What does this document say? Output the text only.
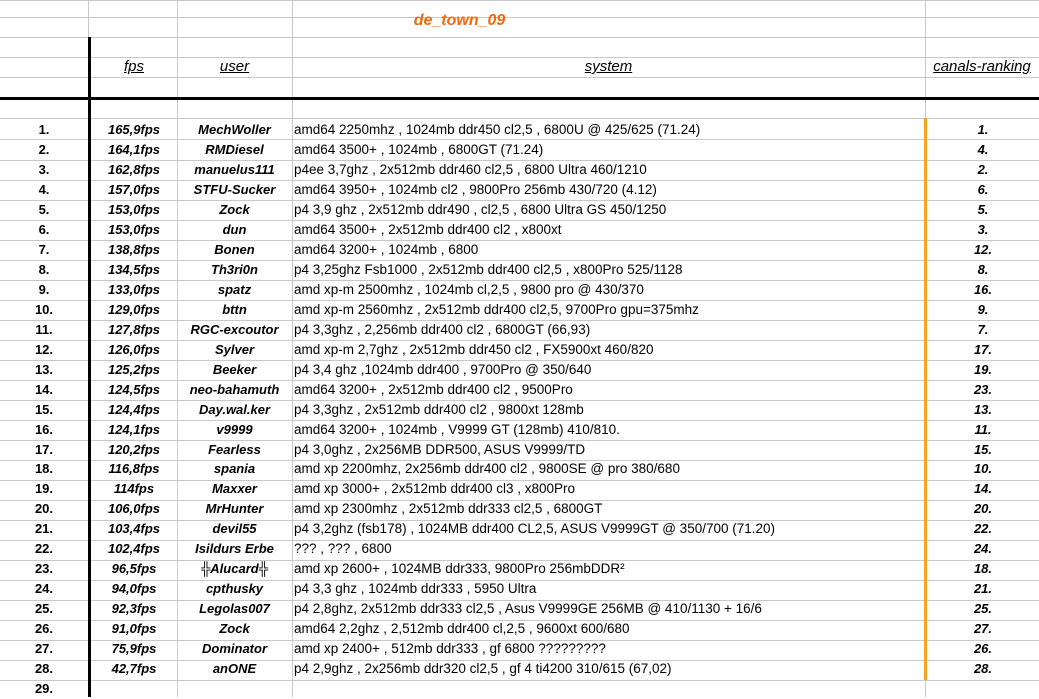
de_town_09
fps	user	system	canals-ranking
1.	165,9fps	MechWoller	amd64 2250mhz , 1024mb ddr450 cl2,5 , 6800U @ 425/625 (71.24)	1.
2.	164,1fps	RMDiesel	amd64 3500+ , 1024mb , 6800GT (71.24)	4.
3.	162,8fps	manuelus111	p4ee 3,7ghz , 2x512mb ddr460 cl2,5 , 6800 Ultra 460/1210	2.
4.	157,0fps	STFU-Sucker	amd64 3950+ , 1024mb cl2 , 9800Pro 256mb 430/720 (4.12)	6.
5.	153,0fps	Zock	p4 3,9 ghz , 2x512mb ddr490 , cl2,5 , 6800 Ultra GS 450/1250	5.
6.	153,0fps	dun	amd64 3500+ , 2x512mb ddr400 cl2 , x800xt	3.
7.	138,8fps	Bonen	amd64 3200+ , 1024mb , 6800	12.
8.	134,5fps	Th3ri0n	p4 3,25ghz Fsb1000 , 2x512mb ddr400 cl2,5 , x800Pro 525/1128	8.
9.	133,0fps	spatz	amd xp-m 2500mhz , 1024mb cl,2,5 , 9800 pro @ 430/370	16.
10.	129,0fps	bttn	amd xp-m 2560mhz , 2x512mb ddr400 cl2,5, 9700Pro gpu=375mhz	9.
11.	127,8fps	RGC-excoutor	p4 3,3ghz , 2,256mb ddr400 cl2 , 6800GT (66,93)	7.
12.	126,0fps	Sylver	amd xp-m 2,7ghz , 2x512mb ddr450 cl2 , FX5900xt 460/820	17.
13.	125,2fps	Beeker	p4 3,4 ghz ,1024mb ddr400 , 9700Pro @ 350/640	19.
14.	124,5fps	neo-bahamuth	amd64 3200+ , 2x512mb ddr400 cl2 , 9500Pro	23.
15.	124,4fps	Day.wal.ker	p4 3,3ghz , 2x512mb ddr400 cl2 , 9800xt 128mb	13.
16.	124,1fps	v9999	amd64 3200+ , 1024mb , V9999 GT (128mb) 410/810.	11.
17.	120,2fps	Fearless	p4 3,0ghz , 2x256MB DDR500, ASUS V9999/TD	15.
18.	116,8fps	spania	amd xp 2200mhz, 2x256mb ddr400 cl2 , 9800SE @ pro 380/680	10.
19.	114fps	Maxxer	amd xp 3000+ , 2x512mb ddr400 cl3 , x800Pro	14.
20.	106,0fps	MrHunter	amd xp 2300mhz , 2x512mb ddr333 cl2,5 , 6800GT	20.
21.	103,4fps	devil55	p4 3,2ghz (fsb178) , 1024MB ddr400 CL2,5, ASUS V9999GT @ 350/700 (71.20)	22.
22.	102,4fps	Isildurs Erbe	??? , ??? , 6800	24.
23.	96,5fps	╬Alucard╬	amd xp 2600+ , 1024MB ddr333, 9800Pro 256mbDDR²	18.
24.	94,0fps	cpthusky	p4 3,3 ghz , 1024mb ddr333 , 5950 Ultra	21.
25.	92,3fps	Legolas007	p4 2,8ghz, 2x512mb ddr333 cl2,5 , Asus V9999GE 256MB @ 410/1130 + 16/6	25.
26.	91,0fps	Zock	amd64 2,2ghz , 2,512mb ddr400 cl,2,5 , 9600xt 600/680	27.
27.	75,9fps	Dominator	amd xp 2400+ , 512mb ddr333 , gf 6800 ?????????	26.
28.	42,7fps	anONE	p4 2,9ghz , 2x256mb ddr320 cl2,5 , gf 4 ti4200 310/615 (67,02)	28.
29.
